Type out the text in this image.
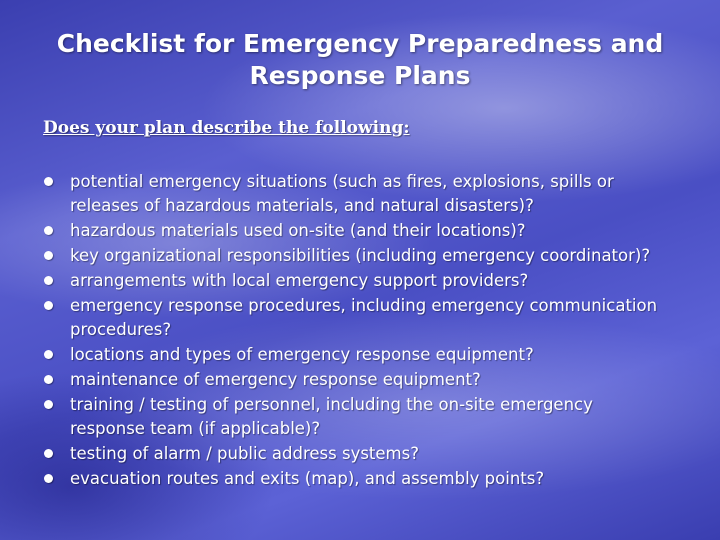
Checklist for Emergency Preparedness and Response Plans
Does your plan describe the following:
potential emergency situations (such as fires, explosions, spills or releases of hazardous materials, and natural disasters)?
hazardous materials used on-site (and their locations)?
key organizational responsibilities (including emergency coordinator)?
arrangements with local emergency support providers?
emergency response procedures, including emergency communication procedures?
locations and types of emergency response equipment?
maintenance of emergency response equipment?
training / testing of personnel, including the on-site emergency response team (if applicable)?
testing of alarm / public address systems?
evacuation routes and exits (map), and assembly points?
